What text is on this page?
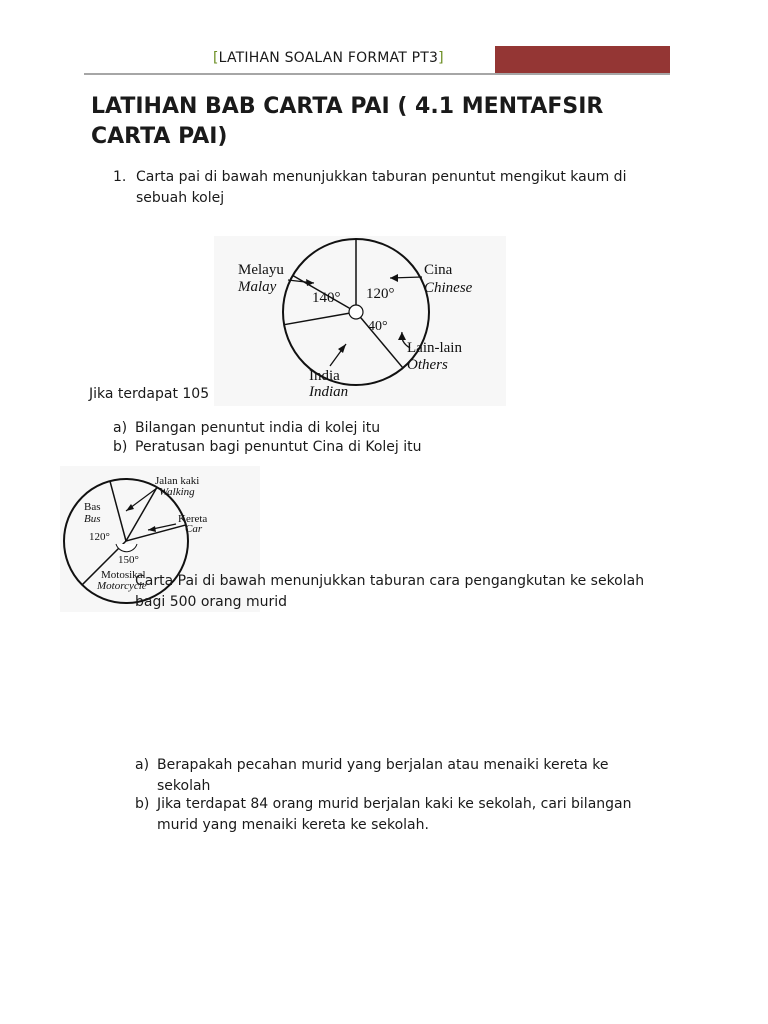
[LATIHAN SOALAN FORMAT PT3]
LATIHAN BAB CARTA PAI ( 4.1 MENTAFSIR CARTA PAI)
1. Carta pai di bawah menunjukkan taburan penuntut mengikut kaum di sebuah kolej
Melayu
Malay
Cina
Chinese
Lain-lain
Others
India
Indian
140° 120°
40°
Jika terdapat 105
a) Bilangan penuntut india di kolej itu
b) Peratusan bagi penuntut Cina di Kolej itu
Jalan kaki
Walking
Bas
Bus	Kereta
Car
120°
150°
Motosikal
Motorcycle
Carta Pai di bawah menunjukkan taburan cara pengangkutan ke sekolah bagi 500 orang murid
a) Berapakah pecahan murid yang berjalan atau menaiki kereta ke sekolah
b) Jika terdapat 84 orang murid berjalan kaki ke sekolah, cari bilangan murid yang menaiki kereta ke sekolah.
